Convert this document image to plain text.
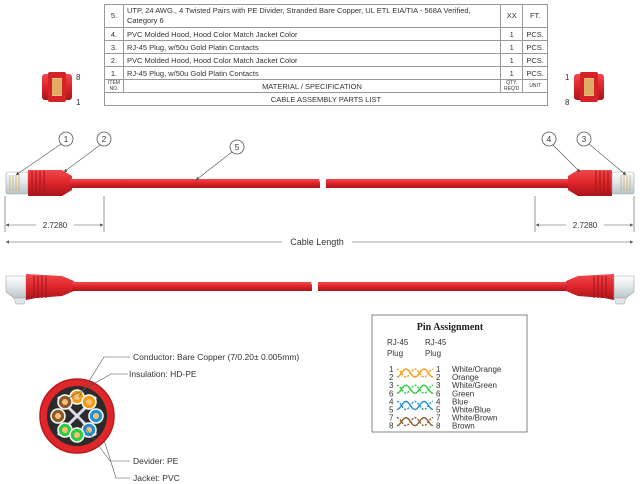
5.	UTP, 24 AWG., 4 Twisted Pairs with PE Divider, Stranded Bare Copper, UL ETL EIA/TIA - 568A Verified, Category 6	XX	FT.
4.	PVC Molded Hood, Hood Color Match Jacket Color	1	PCS.
3.	RJ-45 Plug, w/50u Gold Platin Contacts	1	PCS.
2.	PVC Molded Hood, Hood Color Match Jacket Color	1	PCS.
1.	RJ-45 Plug, w/50u Gold Platin Contacts	1	PCS.
ITEM NO.	MATERIAL / SPECIFICATION	QTY. REQ'D	UNIT
CABLE ASSEMBLY PARTS LIST			
8
1
1
8
1	2
5
4	3
2.7280	2.7280
Cable Length
Conductor: Bare Copper (7/0.20± 0.005mm)
Insulation: HD-PE
Devider: PE
Jacket: PVC
Pin Assignment
RJ-45
Plug
RJ-45
Plug
1	1 White/Orange
2	2 Orange
3	3 White/Green
6	6 Green
4	4 Blue
5	5 White/Blue
7	7 White/Brown
8	8 Brown
